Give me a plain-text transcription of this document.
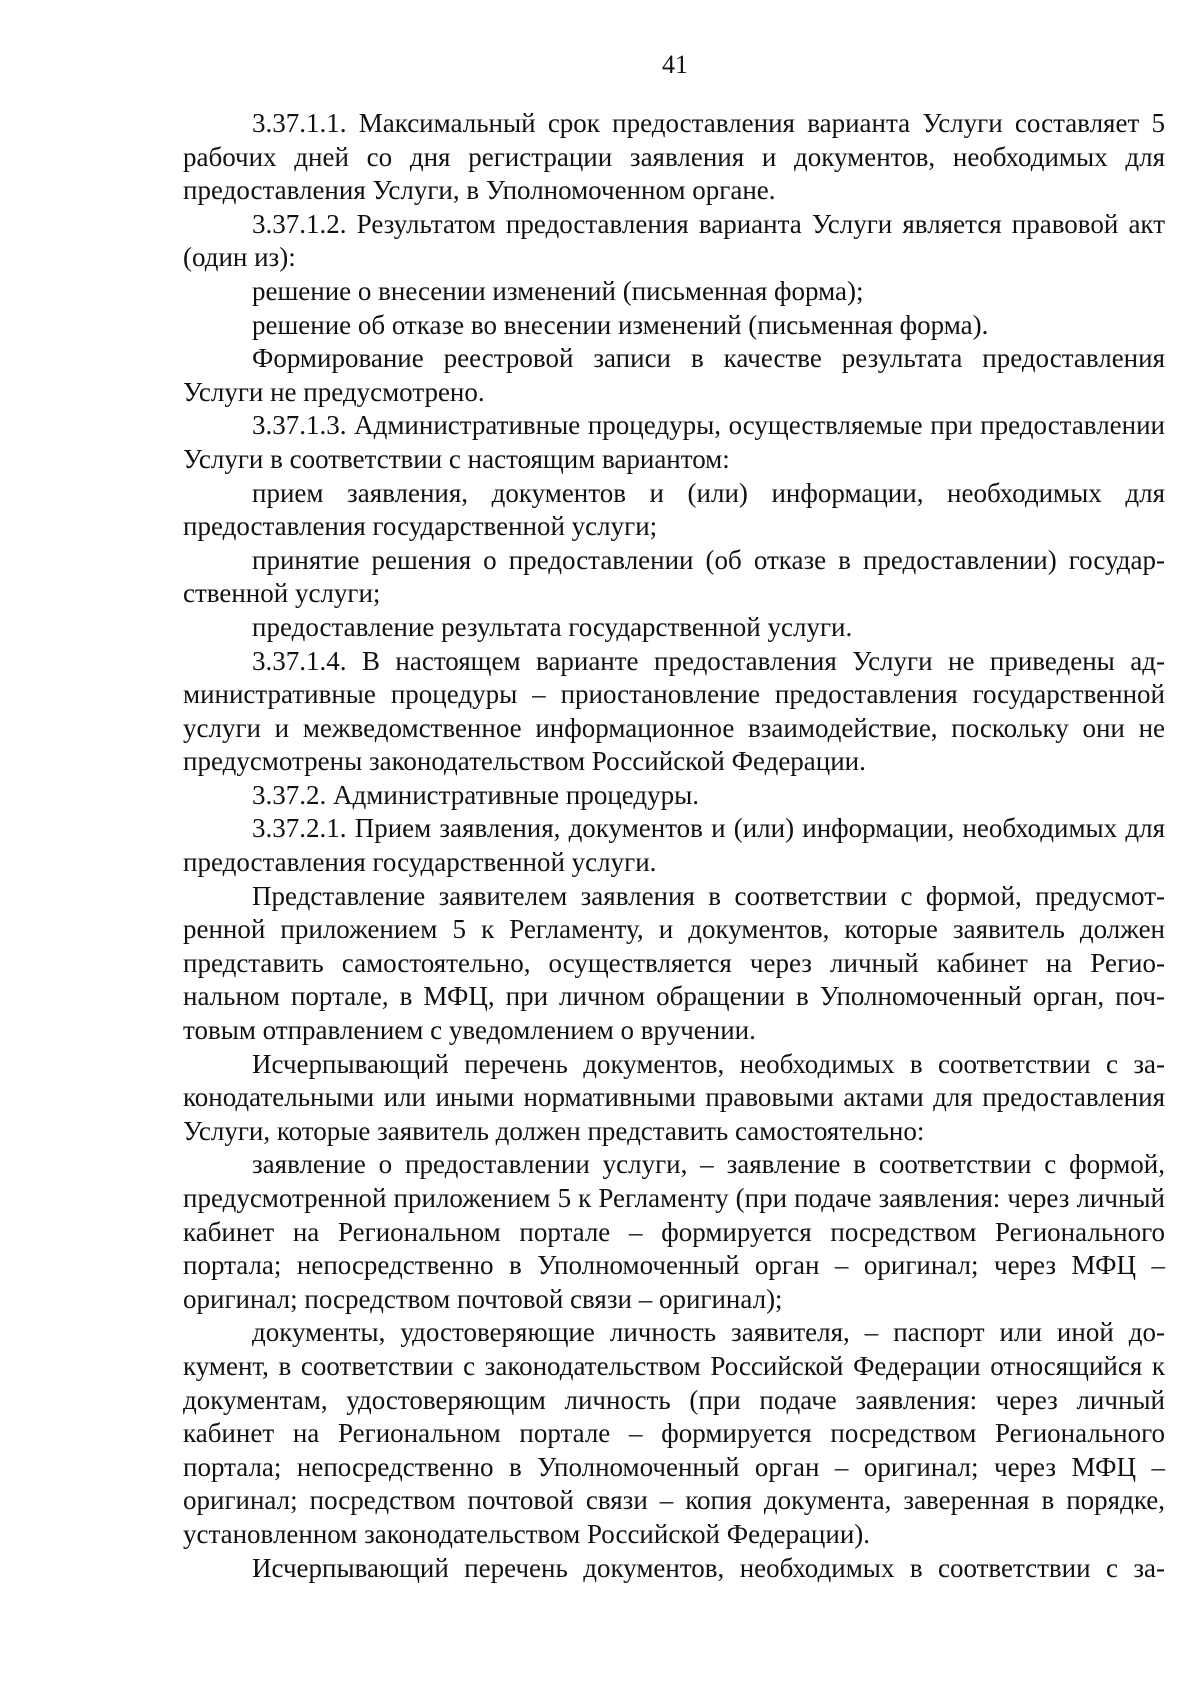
41

3.37.1.1. Максимальный срок предоставления варианта Услуги составляет 5 рабочих дней со дня регистрации заявления и документов, необходимых для предоставления Услуги, в Уполномоченном органе.

3.37.1.2. Результатом предоставления варианта Услуги является правовой акт (один из):

решение о внесении изменений (письменная форма);

решение об отказе во внесении изменений (письменная форма).

Формирование реестровой записи в качестве результата предоставления Услуги не предусмотрено.

3.37.1.3. Административные процедуры, осуществляемые при предоставлении Услуги в соответствии с настоящим вариантом:

прием заявления, документов и (или) информации, необходимых для предоставления государственной услуги;

принятие решения о предоставлении (об отказе в предоставлении) государственной услуги;

предоставление результата государственной услуги.

3.37.1.4. В настоящем варианте предоставления Услуги не приведены административные процедуры – приостановление предоставления государственной услуги и межведомственное информационное взаимодействие, поскольку они не предусмотрены законодательством Российской Федерации.

3.37.2. Административные процедуры.

3.37.2.1. Прием заявления, документов и (или) информации, необходимых для предоставления государственной услуги.

Представление заявителем заявления в соответствии с формой, предусмотренной приложением 5 к Регламенту, и документов, которые заявитель должен представить самостоятельно, осуществляется через личный кабинет на Региональном портале, в МФЦ, при личном обращении в Уполномоченный орган, почтовым отправлением с уведомлением о вручении.

Исчерпывающий перечень документов, необходимых в соответствии с законодательными или иными нормативными правовыми актами для предоставления Услуги, которые заявитель должен представить самостоятельно:

заявление о предоставлении услуги, – заявление в соответствии с формой, предусмотренной приложением 5 к Регламенту (при подаче заявления: через личный кабинет на Региональном портале – формируется посредством Регионального портала; непосредственно в Уполномоченный орган – оригинал; через МФЦ – оригинал; посредством почтовой связи – оригинал);

документы, удостоверяющие личность заявителя, – паспорт или иной документ, в соответствии с законодательством Российской Федерации относящийся к документам, удостоверяющим личность (при подаче заявления: через личный кабинет на Региональном портале – формируется посредством Регионального портала; непосредственно в Уполномоченный орган – оригинал; через МФЦ – оригинал; посредством почтовой связи – копия документа, заверенная в порядке, установленном законодательством Российской Федерации).

Исчерпывающий перечень документов, необходимых в соответствии с за-
